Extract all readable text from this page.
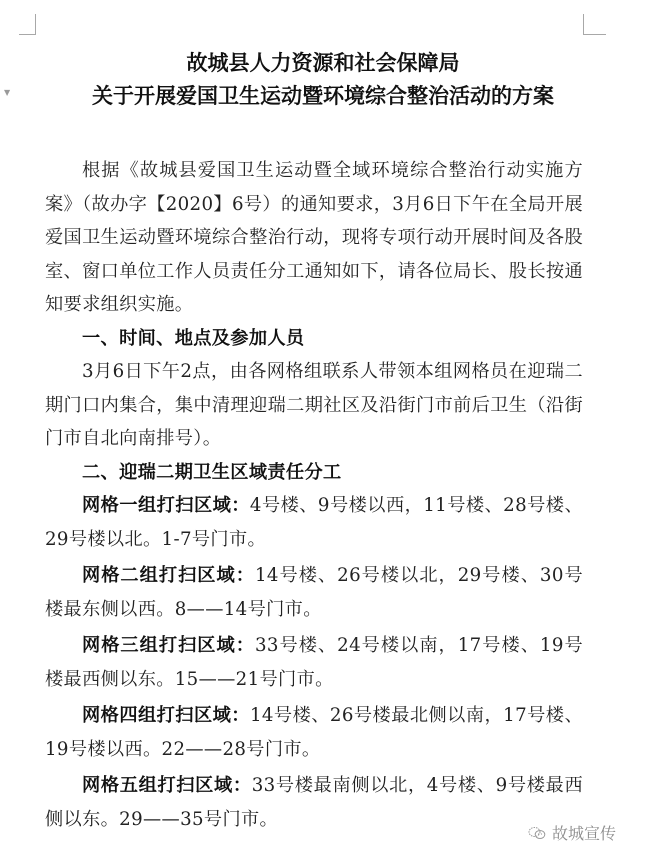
▼
故城县人力资源和社会保障局
关于开展爱国卫生运动暨环境综合整治活动的方案

根据《故城县爱国卫生运动暨全域环境综合整治行动实施方案》（故办字【2020】6号）的通知要求，3月6日下午在全局开展爱国卫生运动暨环境综合整治行动，现将专项行动开展时间及各股室、窗口单位工作人员责任分工通知如下，请各位局长、股长按通知要求组织实施。

一、时间、地点及参加人员

3月6日下午2点，由各网格组联系人带领本组网格员在迎瑞二期门口内集合，集中清理迎瑞二期社区及沿街门市前后卫生（沿街门市自北向南排号）。

二、迎瑞二期卫生区域责任分工

网格一组打扫区域：4号楼、9号楼以西，11号楼、28号楼、29号楼以北。1-7号门市。

网格二组打扫区域：14号楼、26号楼以北，29号楼、30号楼最东侧以西。8——14号门市。

网格三组打扫区域：33号楼、24号楼以南，17号楼、19号楼最西侧以东。15——21号门市。

网格四组打扫区域：14号楼、26号楼最北侧以南，17号楼、19号楼以西。22——28号门市。

网格五组打扫区域：33号楼最南侧以北，4号楼、9号楼最西侧以东。29——35号门市。

故城宣传
